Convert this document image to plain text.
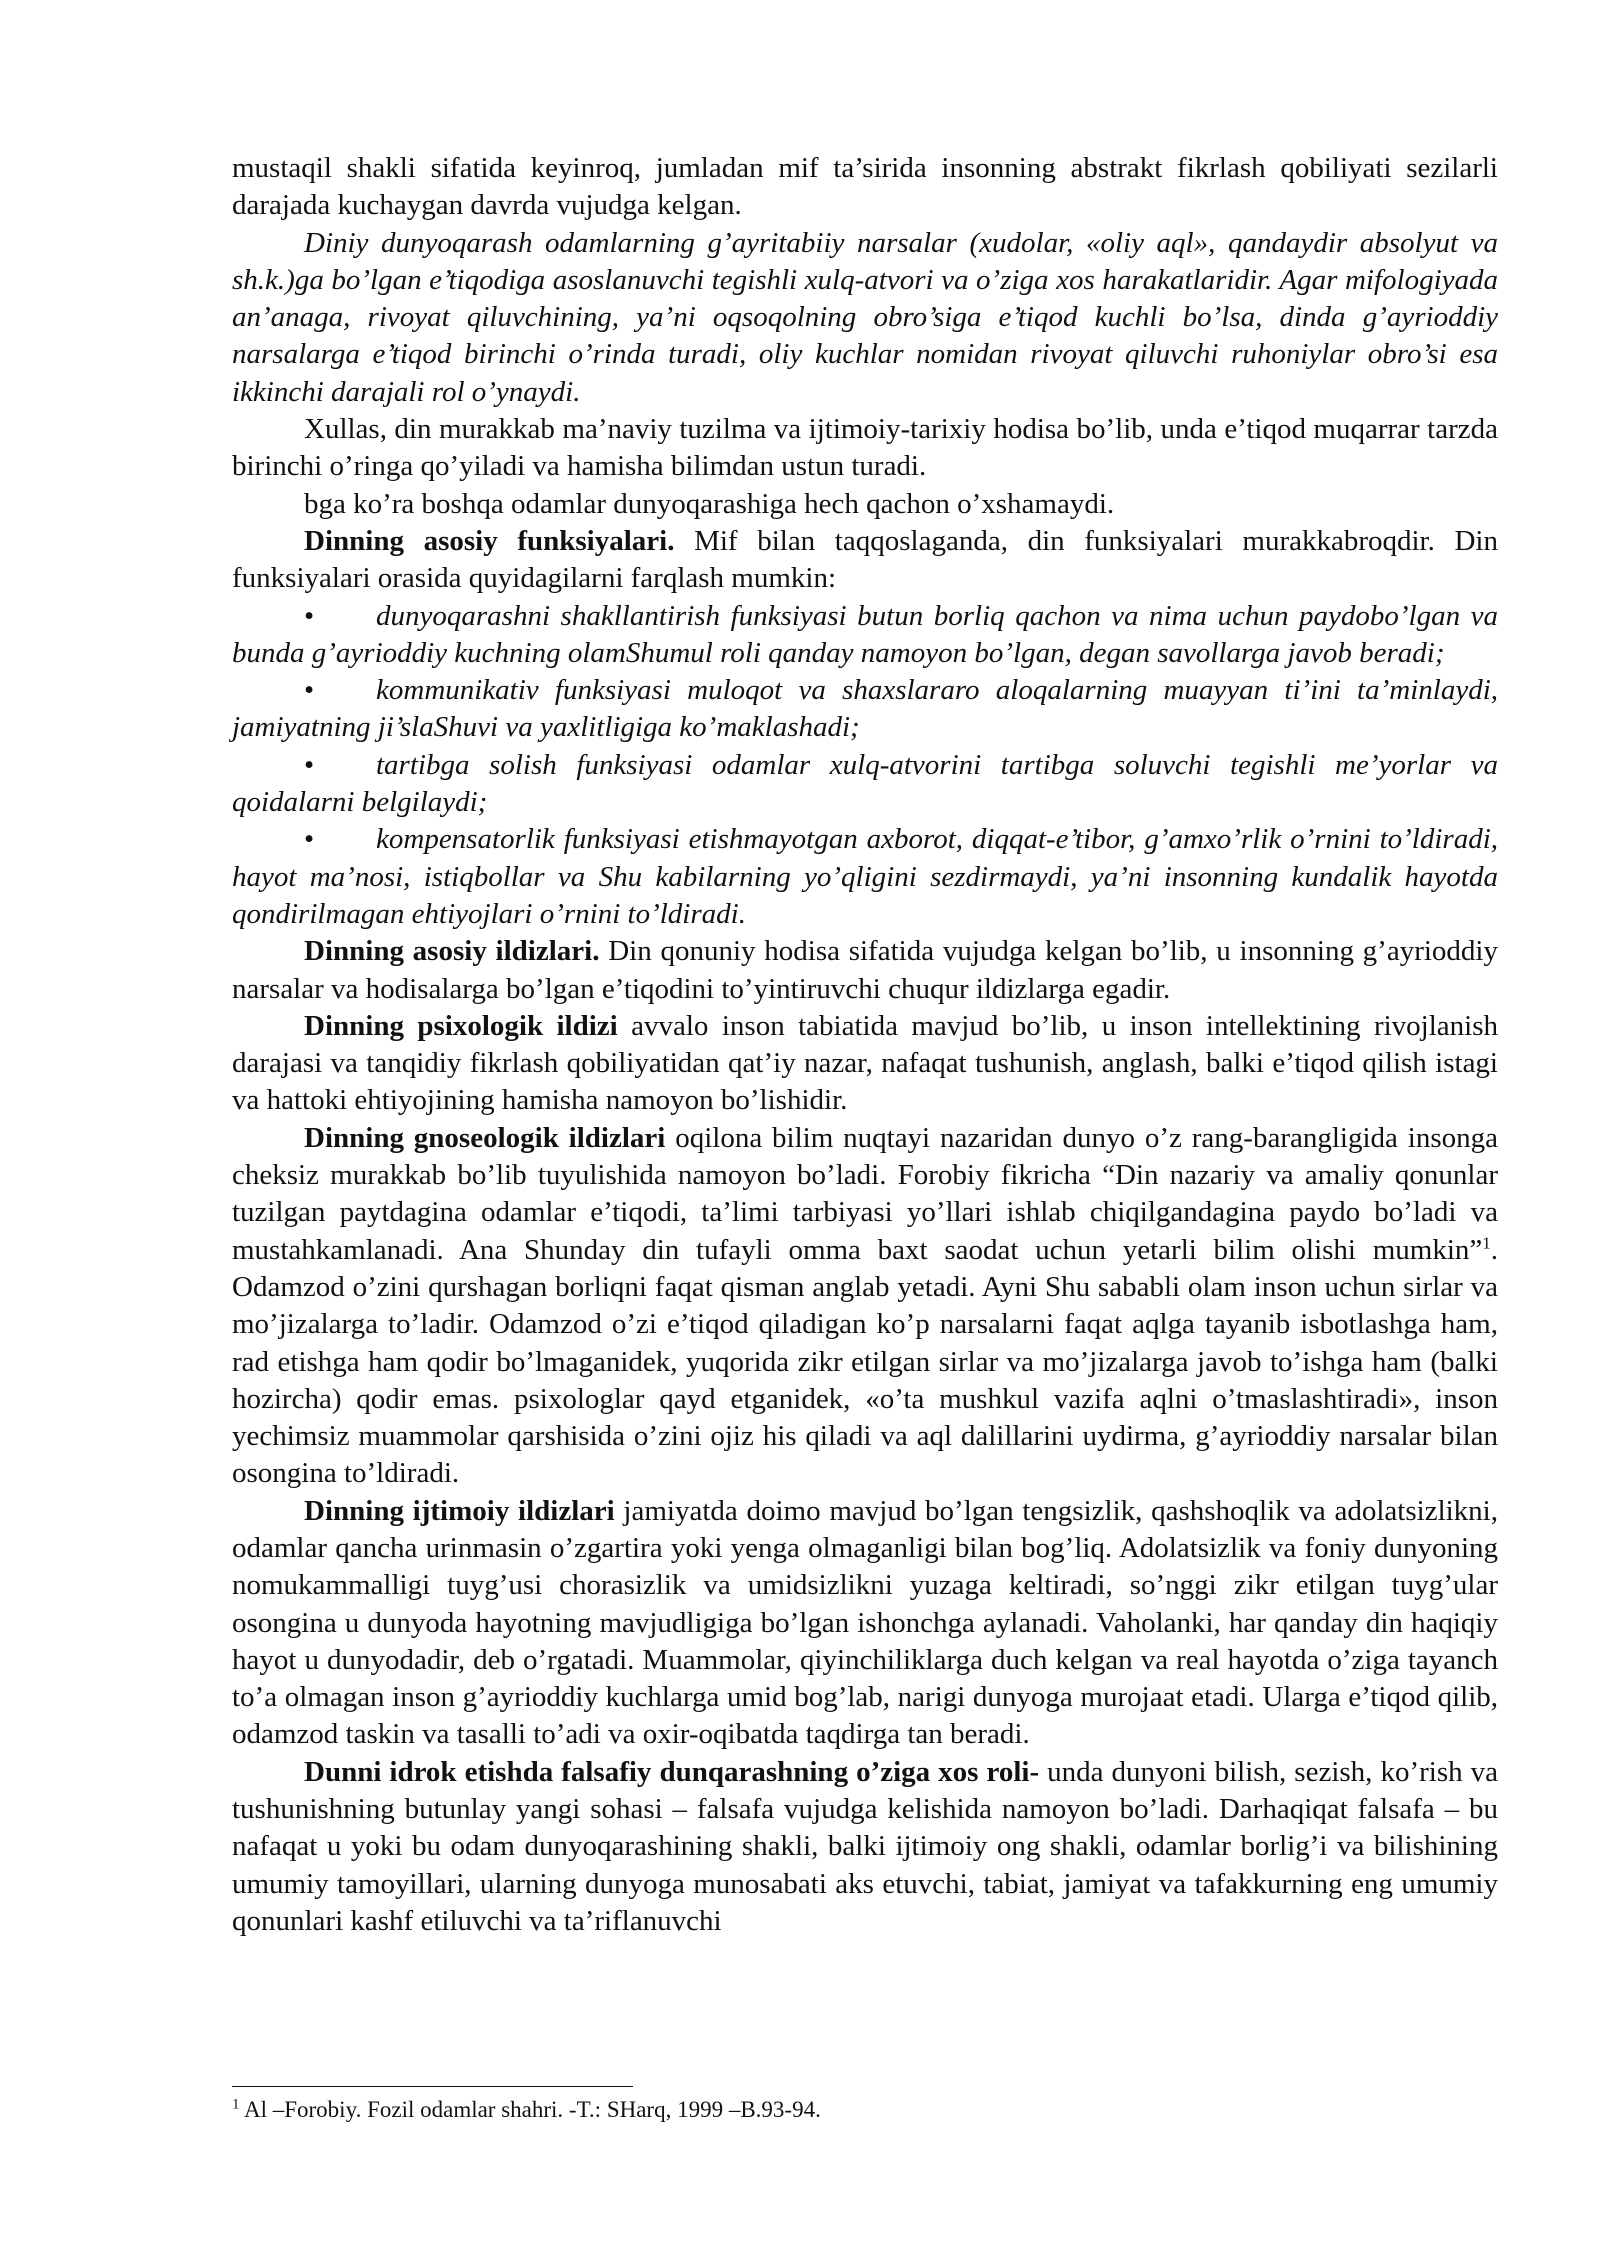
mustaqil shakli sifatida keyinroq, jumladan mif ta’sirida insonning abstrakt fikrlash qobiliyati sezilarli darajada kuchaygan davrda vujudga kelgan.

Diniy dunyoqarash odamlarning g’ayritabiiy narsalar (xudolar, «oliy aql», qandaydir absolyut va sh.k.)ga bo’lgan e’tiqodiga asoslanuvchi tegishli xulq-atvori va o’ziga xos harakatlaridir. Agar mifologiyada an’anaga, rivoyat qiluvchining, ya’ni oqsoqolning obro’siga e’tiqod kuchli bo’lsa, dinda g’ayrioddiy narsalarga e’tiqod birinchi o’rinda turadi, oliy kuchlar nomidan rivoyat qiluvchi ruhoniylar obro’si esa ikkinchi darajali rol o’ynaydi.

Xullas, din murakkab ma’naviy tuzilma va ijtimoiy-tarixiy hodisa bo’lib, unda e’tiqod muqarrar tarzda birinchi o’ringa qo’yiladi va hamisha bilimdan ustun turadi.

bga ko’ra boshqa odamlar dunyoqarashiga hech qachon o’xshamaydi.

Dinning asosiy funksiyalari. Mif bilan taqqoslaganda, din funksiyalari murakkabroqdir. Din funksiyalari orasida quyidagilarni farqlash mumkin:

• dunyoqarashni shakllantirish funksiyasi butun borliq qachon va nima uchun paydobo’lgan va bunda g’ayrioddiy kuchning olamShumul roli qanday namoyon bo’lgan, degan savollarga javob beradi;

• kommunikativ funksiyasi muloqot va shaxslararo aloqalarning muayyan ti’ini ta’minlaydi, jamiyatning ji’slaShuvi va yaxlitligiga ko’maklashadi;

• tartibga solish funksiyasi odamlar xulq-atvorini tartibga soluvchi tegishli me’yorlar va qoidalarni belgilaydi;

• kompensatorlik funksiyasi etishmayotgan axborot, diqqat-e’tibor, g’amxo’rlik o’rnini to’ldiradi, hayot ma’nosi, istiqbollar va Shu kabilarning yo’qligini sezdirmaydi, ya’ni insonning kundalik hayotda qondirilmagan ehtiyojlari o’rnini to’ldiradi.

Dinning asosiy ildizlari. Din qonuniy hodisa sifatida vujudga kelgan bo’lib, u insonning g’ayrioddiy narsalar va hodisalarga bo’lgan e’tiqodini to’yintiruvchi chuqur ildizlarga egadir.

Dinning psixologik ildizi avvalo inson tabiatida mavjud bo’lib, u inson intellektining rivojlanish darajasi va tanqidiy fikrlash qobiliyatidan qat’iy nazar, nafaqat tushunish, anglash, balki e’tiqod qilish istagi va hattoki ehtiyojining hamisha namoyon bo’lishidir.

Dinning gnoseologik ildizlari oqilona bilim nuqtayi nazaridan dunyo o’z rang-barangligida insonga cheksiz murakkab bo’lib tuyulishida namoyon bo’ladi. Forobiy fikricha “Din nazariy va amaliy qonunlar tuzilgan paytdagina odamlar e’tiqodi, ta’limi tarbiyasi yo’llari ishlab chiqilgandagina paydo bo’ladi va mustahkamlanadi. Ana Shunday din tufayli omma baxt saodat uchun yetarli bilim olishi mumkin”$^1$. Odamzod o’zini qurshagan borliqni faqat qisman anglab yetadi. Ayni Shu sababli olam inson uchun sirlar va mo’jizalarga to’ladir. Odamzod o’zi e’tiqod qiladigan ko’p narsalarni faqat aqlga tayanib isbotlashga ham, rad etishga ham qodir bo’lmaganidek, yuqorida zikr etilgan sirlar va mo’jizalarga javob to’ishga ham (balki hozircha) qodir emas. psixologlar qayd etganidek, «o’ta mushkul vazifa aqlni o’tmaslashtiradi», inson yechimsiz muammolar qarshisida o’zini ojiz his qiladi va aql dalillarini uydirma, g’ayrioddiy narsalar bilan osongina to’ldiradi.

Dinning ijtimoiy ildizlari jamiyatda doimo mavjud bo’lgan tengsizlik, qashshoqlik va adolatsizlikni, odamlar qancha urinmasin o’zgartira yoki yenga olmaganligi bilan bog’liq. Adolatsizlik va foniy dunyoning nomukammalligi tuyg’usi chorasizlik va umidsizlikni yuzaga keltiradi, so’nggi zikr etilgan tuyg’ular osongina u dunyoda hayotning mavjudligiga bo’lgan ishonchga aylanadi. Vaholanki, har qanday din haqiqiy hayot u dunyodadir, deb o’rgatadi. Muammolar, qiyinchiliklarga duch kelgan va real hayotda o’ziga tayanch to’a olmagan inson g’ayrioddiy kuchlarga umid bog’lab, narigi dunyoga murojaat etadi. Ularga e’tiqod qilib, odamzod taskin va tasalli to’adi va oxir-oqibatda taqdirga tan beradi.

Dunni idrok etishda falsafiy dunqarashning o’ziga xos roli- unda dunyoni bilish, sezish, ko’rish va tushunishning butunlay yangi sohasi – falsafa vujudga kelishida namoyon bo’ladi. Darhaqiqat falsafa – bu nafaqat u yoki bu odam dunyoqarashining shakli, balki ijtimoiy ong shakli, odamlar borlig’i va bilishining umumiy tamoyillari, ularning dunyoga munosabati aks etuvchi, tabiat, jamiyat va tafakkurning eng umumiy qonunlari kashf etiluvchi va ta’riflanuvchi

$^1$ Al –Forobiy. Fozil odamlar shahri. -T.: SHarq, 1999 –B.93-94.
